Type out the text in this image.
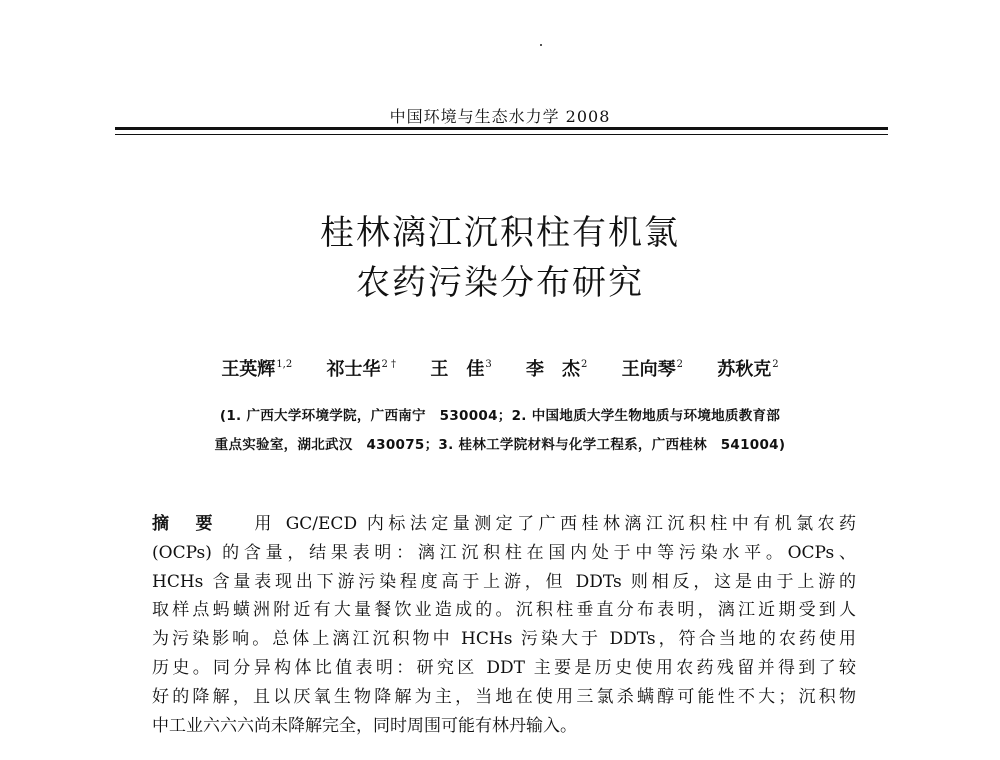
中国环境与生态水力学 2008
桂林漓江沉积柱有机氯
农药污染分布研究
王英辉$^{1,2}$ 祁士华$^{2 \dagger}$ 王　佳$^3$ 李　杰$^2$ 王向琴$^2$ 苏秋克$^2$
(1. 广西大学环境学院，广西南宁　530004；2. 中国地质大学生物地质与环境地质教育部
重点实验室，湖北武汉　430075；3. 桂林工学院材料与化学工程系，广西桂林　541004)
摘要　 用 GC/ECD 内标法定量测定了广西桂林漓江沉积柱中有机氯农药
(OCPs) 的含量，结果表明：漓江沉积柱在国内处于中等污染水平。OCPs、
HCHs 含量表现出下游污染程度高于上游，但 DDTs 则相反，这是由于上游的
取样点蚂蟥洲附近有大量餐饮业造成的。沉积柱垂直分布表明，漓江近期受到人
为污染影响。总体上漓江沉积物中 HCHs 污染大于 DDTs，符合当地的农药使用
历史。同分异构体比值表明：研究区 DDT 主要是历史使用农药残留并得到了较
好的降解，且以厌氧生物降解为主，当地在使用三氯杀螨醇可能性不大；沉积物
中工业六六六尚未降解完全，同时周围可能有林丹输入。
